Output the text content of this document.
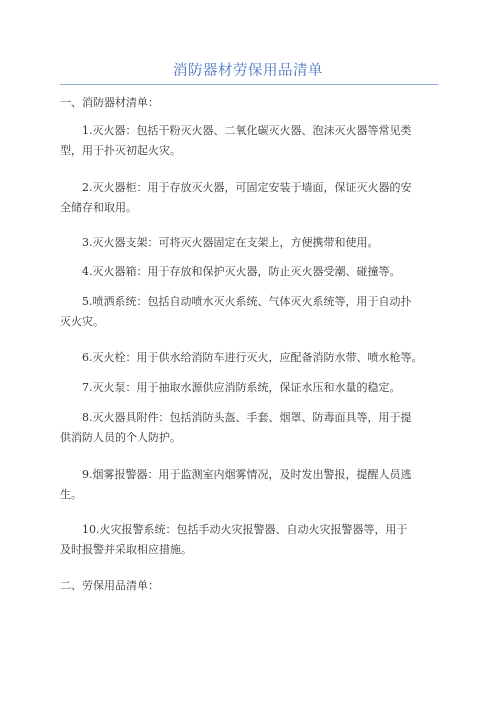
消防器材劳保用品清单
一、消防器材清单：
1.灭火器：包括干粉灭火器、二氧化碳灭火器、泡沫灭火器等常见类
型，用于扑灭初起火灾。
2.灭火器柜：用于存放灭火器，可固定安装于墙面，保证灭火器的安
全储存和取用。
3.灭火器支架：可将灭火器固定在支架上，方便携带和使用。
4.灭火器箱：用于存放和保护灭火器，防止灭火器受潮、碰撞等。
5.喷洒系统：包括自动喷水灭火系统、气体灭火系统等，用于自动扑
灭火灾。
6.灭火栓：用于供水给消防车进行灭火，应配备消防水带、喷水枪等。
7.灭火泵：用于抽取水源供应消防系统，保证水压和水量的稳定。
8.灭火器具附件：包括消防头盔、手套、烟罩、防毒面具等，用于提
供消防人员的个人防护。
9.烟雾报警器：用于监测室内烟雾情况，及时发出警报，提醒人员逃
生。
10.火灾报警系统：包括手动火灾报警器、自动火灾报警器等，用于
及时报警并采取相应措施。
二、劳保用品清单：
